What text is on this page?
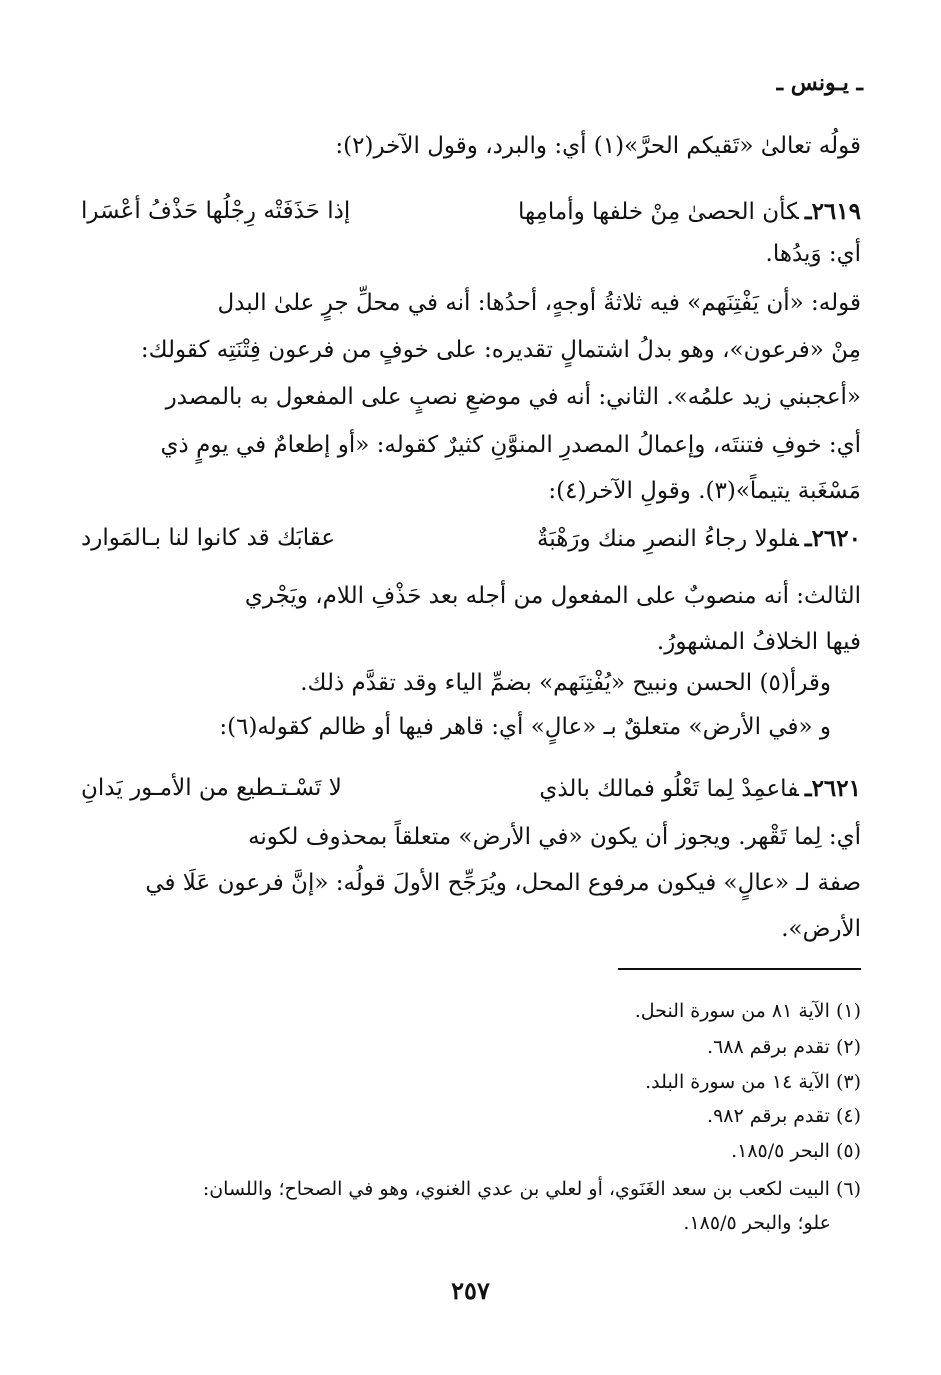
ـ يـونس ـ

قولُه تعالىٰ «تَقيكم الحرَّ»(١) أي: والبرد، وقول الآخر(٢):

٢٦١٩ـكأن الحصىٰ مِنْ خلفها وأمامِها
إذا حَذَفَتْه رِجْلُها حَذْفُ أعْسَرا

أي: وَيدُها.

قوله: «أن يَفْتِنَهم» فيه ثلاثةُ أوجهٍ، أحدُها: أنه في محلِّ جرٍ علىٰ البدل

مِنْ «فرعون»، وهو بدلُ اشتمالٍ تقديره: على خوفٍ من فرعون فِتْنَتِه كقولك:

«أعجبني زيد علمُه». الثاني: أنه في موضعِ نصبٍ على المفعول به بالمصدر

أي: خوفِ فتنتَه، وإعمالُ المصدرِ المنوَّنِ كثيرٌ كقوله: «أو إطعامٌ في يومٍ ذي

مَسْغَبة يتيماً»(٣). وقولِ الآخر(٤):

٢٦٢٠ـفلولا رجاءُ النصرِ منك ورَهْبَةٌ
عقابَك قد كانوا لنا بـالمَوارد

الثالث: أنه منصوبٌ على المفعول من أجله بعد حَذْفِ اللام، ويَجْري

فيها الخلافُ المشهورُ.

وقرأ(٥) الحسن ونبيح «يُفْتِنَهم» بضمِّ الياء وقد تقدَّم ذلك.

و «في الأرض» متعلقٌ بـ «عالٍ» أي: قاهر فيها أو ظالم كقوله(٦):

٢٦٢١ـفاعمِدْ لِما تَعْلُو فمالك بالذي
لا تَسْـتـطيع من الأمـور يَدانِ

أي: لِما تَقْهر. ويجوز أن يكون «في الأرض» متعلقاً بمحذوف لكونه

صفة لـ «عالٍ» فيكون مرفوع المحل، ويُرَجِّح الأولَ قولُه: «إنَّ فرعون عَلَا في

الأرض».

(١)الآية ٨١ من سورة النحل.

(٢)تقدم برقم ٦٨٨.

(٣)الآية ١٤ من سورة البلد.

(٤)تقدم برقم ٩٨٢.

(٥)البحر ١٨٥/٥.

(٦)البيت لكعب بن سعد الغَنَوي، أو لعلي بن عدي الغنوي، وهو في الصحاح؛ واللسان:

علو؛ والبحر ١٨٥/٥.

٢٥٧
